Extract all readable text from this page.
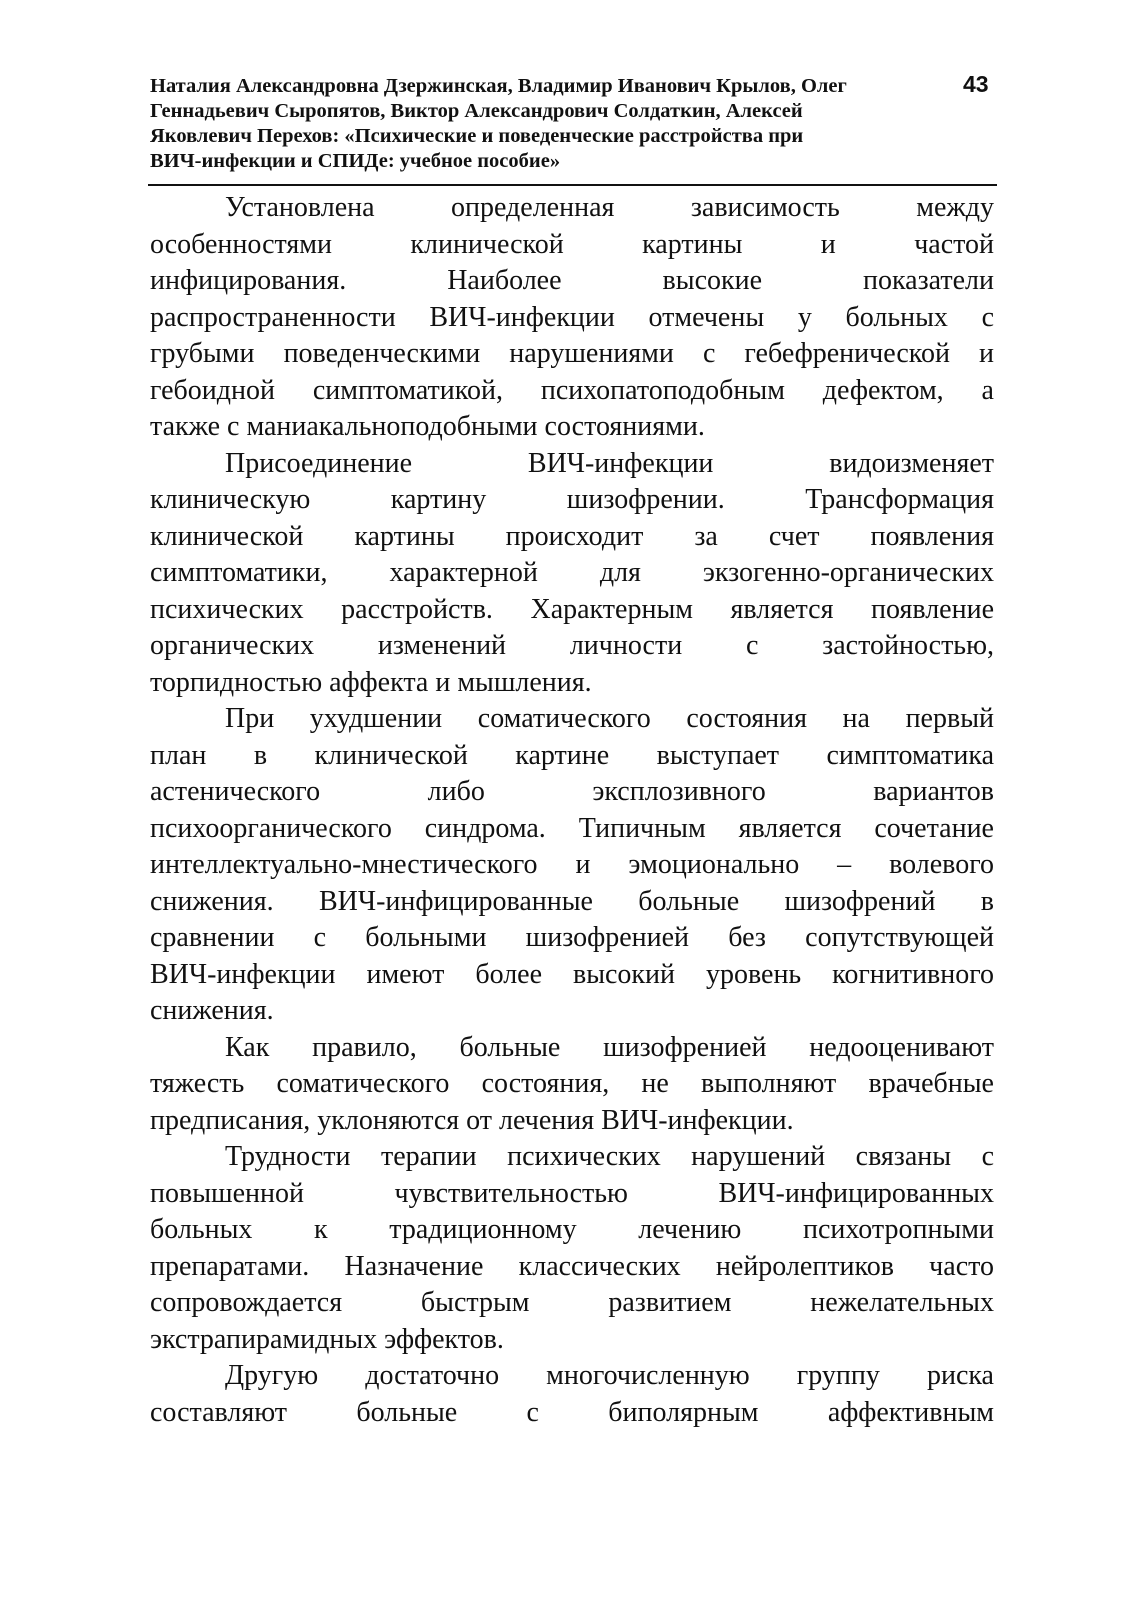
Наталия Александровна Дзержинская, Владимир Иванович Крылов, Олег
Геннадьевич Сыропятов, Виктор Александрович Солдаткин, Алексей
Яковлевич Перехов: «Психические и поведенческие расстройства при
ВИЧ-инфекции и СПИДе: учебное пособие»
43
Установлена определенная зависимость между
особенностями клинической картины и частой
инфицирования. Наиболее высокие показатели
распространенности ВИЧ-инфекции отмечены у больных с
грубыми поведенческими нарушениями с гебефренической и
гебоидной симптоматикой, психопатоподобным дефектом, а
также с маниакальноподобными состояниями.
Присоединение ВИЧ-инфекции видоизменяет
клиническую картину шизофрении. Трансформация
клинической картины происходит за счет появления
симптоматики, характерной для экзогенно-органических
психических расстройств. Характерным является появление
органических изменений личности с застойностью,
торпидностью аффекта и мышления.
При ухудшении соматического состояния на первый
план в клинической картине выступает симптоматика
астенического либо эксплозивного вариантов
психоорганического синдрома. Типичным является сочетание
интеллектуально-мнестического и эмоционально – волевого
снижения. ВИЧ-инфицированные больные шизофрений в
сравнении с больными шизофренией без сопутствующей
ВИЧ-инфекции имеют более высокий уровень когнитивного
снижения.
Как правило, больные шизофренией недооценивают
тяжесть соматического состояния, не выполняют врачебные
предписания, уклоняются от лечения ВИЧ-инфекции.
Трудности терапии психических нарушений связаны с
повышенной чувствительностью ВИЧ-инфицированных
больных к традиционному лечению психотропными
препаратами. Назначение классических нейролептиков часто
сопровождается быстрым развитием нежелательных
экстрапирамидных эффектов.
Другую достаточно многочисленную группу риска
составляют больные с биполярным аффективным
